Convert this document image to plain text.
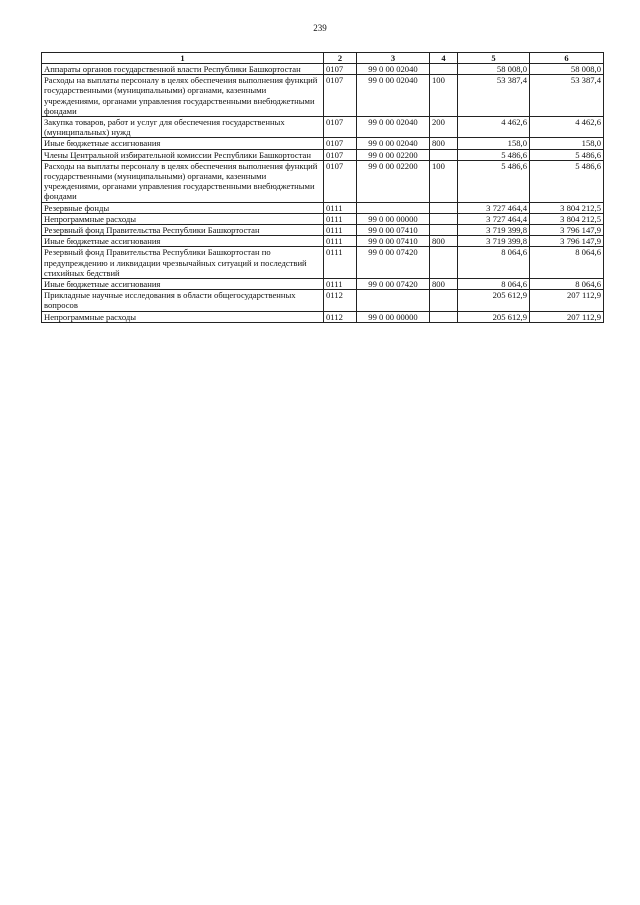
239
1	2	3	4	5	6
Аппараты органов государственной власти Республики Башкортостан	0107	99 0 00 02040		58 008,0	58 008,0
Расходы на выплаты персоналу в целях обеспечения выполнения функций государственными (муниципальными) органами, казенными учреждениями, органами управления государственными внебюджетными фондами	0107	99 0 00 02040	100	53 387,4	53 387,4
Закупка товаров, работ и услуг для обеспечения государственных (муниципальных) нужд	0107	99 0 00 02040	200	4 462,6	4 462,6
Иные бюджетные ассигнования	0107	99 0 00 02040	800	158,0	158,0
Члены Центральной избирательной комиссии Республики Башкортостан	0107	99 0 00 02200		5 486,6	5 486,6
Расходы на выплаты персоналу в целях обеспечения выполнения функций государственными (муниципальными) органами, казенными учреждениями, органами управления государственными внебюджетными фондами	0107	99 0 00 02200	100	5 486,6	5 486,6
Резервные фонды	0111			3 727 464,4	3 804 212,5
Непрограммные расходы	0111	99 0 00 00000		3 727 464,4	3 804 212,5
Резервный фонд Правительства Республики Башкортостан	0111	99 0 00 07410		3 719 399,8	3 796 147,9
Иные бюджетные ассигнования	0111	99 0 00 07410	800	3 719 399,8	3 796 147,9
Резервный фонд Правительства Республики Башкортостан по предупреждению и ликвидации чрезвычайных ситуаций и последствий стихийных бедствий	0111	99 0 00 07420		8 064,6	8 064,6
Иные бюджетные ассигнования	0111	99 0 00 07420	800	8 064,6	8 064,6
Прикладные научные исследования в области общегосударственных вопросов	0112			205 612,9	207 112,9
Непрограммные расходы	0112	99 0 00 00000		205 612,9	207 112,9
